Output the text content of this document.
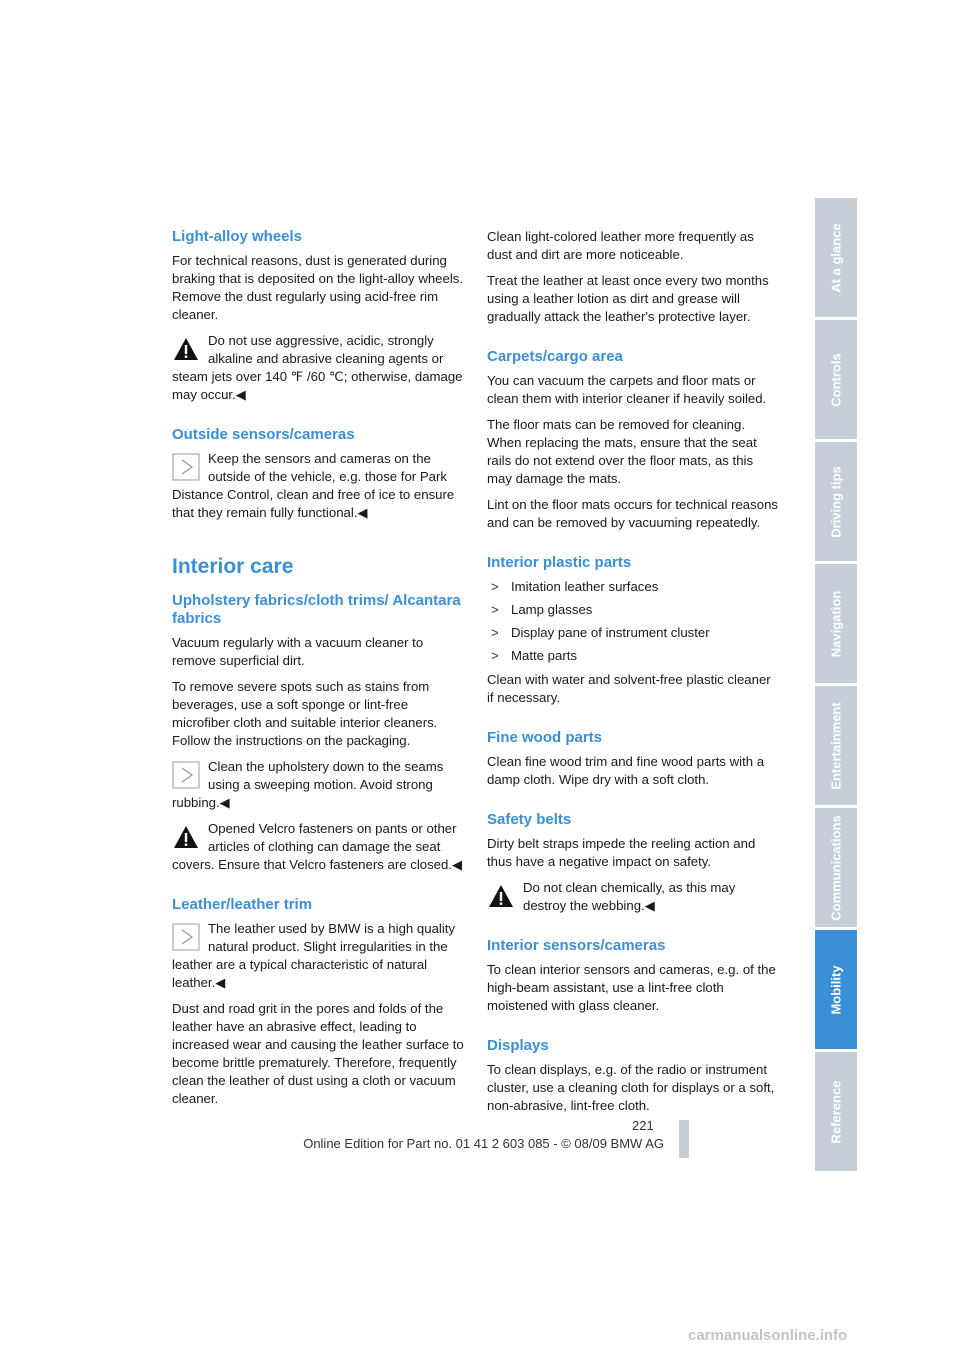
Light-alloy wheels

For technical reasons, dust is generated during braking that is deposited on the light-alloy wheels. Remove the dust regularly using acid-free rim cleaner.

Do not use aggressive, acidic, strongly alkaline and abrasive cleaning agents or steam jets over 140 ℉ /60 ℃; otherwise, damage may occur.◀
Outside sensors/cameras
Keep the sensors and cameras on the outside of the vehicle, e.g. those for Park Distance Control, clean and free of ice to ensure that they remain fully functional.◀
Interior care
Upholstery fabrics/cloth trims/ Alcantara fabrics

Vacuum regularly with a vacuum cleaner to remove superficial dirt.

To remove severe spots such as stains from beverages, use a soft sponge or lint-free microfiber cloth and suitable interior cleaners. Follow the instructions on the packaging.

Clean the upholstery down to the seams using a sweeping motion. Avoid strong rubbing.◀
Opened Velcro fasteners on pants or other articles of clothing can damage the seat covers. Ensure that Velcro fasteners are closed.◀
Leather/leather trim
The leather used by BMW is a high quality natural product. Slight irregularities in the leather are a typical characteristic of natural leather.◀

Dust and road grit in the pores and folds of the leather have an abrasive effect, leading to increased wear and causing the leather surface to become brittle prematurely. Therefore, frequently clean the leather of dust using a cloth or vacuum cleaner.

Clean light-colored leather more frequently as dust and dirt are more noticeable.

Treat the leather at least once every two months using a leather lotion as dirt and grease will gradually attack the leather's protective layer.

Carpets/cargo area

You can vacuum the carpets and floor mats or clean them with interior cleaner if heavily soiled.

The floor mats can be removed for cleaning. When replacing the mats, ensure that the seat rails do not extend over the floor mats, as this may damage the mats.

Lint on the floor mats occurs for technical reasons and can be removed by vacuuming repeatedly.

Interior plastic parts
> Imitation leather surfaces
> Lamp glasses
> Display pane of instrument cluster
> Matte parts

Clean with water and solvent-free plastic cleaner if necessary.

Fine wood parts

Clean fine wood trim and fine wood parts with a damp cloth. Wipe dry with a soft cloth.

Safety belts

Dirty belt straps impede the reeling action and thus have a negative impact on safety.

Do not clean chemically, as this may destroy the webbing.◀
Interior sensors/cameras

To clean interior sensors and cameras, e.g. of the high-beam assistant, use a lint-free cloth moistened with glass cleaner.

Displays

To clean displays, e.g. of the radio or instrument cluster, use a cleaning cloth for displays or a soft, non-abrasive, lint-free cloth.

At a glance
Controls
Driving tips
Navigation
Entertainment
Communications
Mobility
Reference
221
Online Edition for Part no. 01 41 2 603 085 - © 08/09 BMW AG
carmanualsonline.info
